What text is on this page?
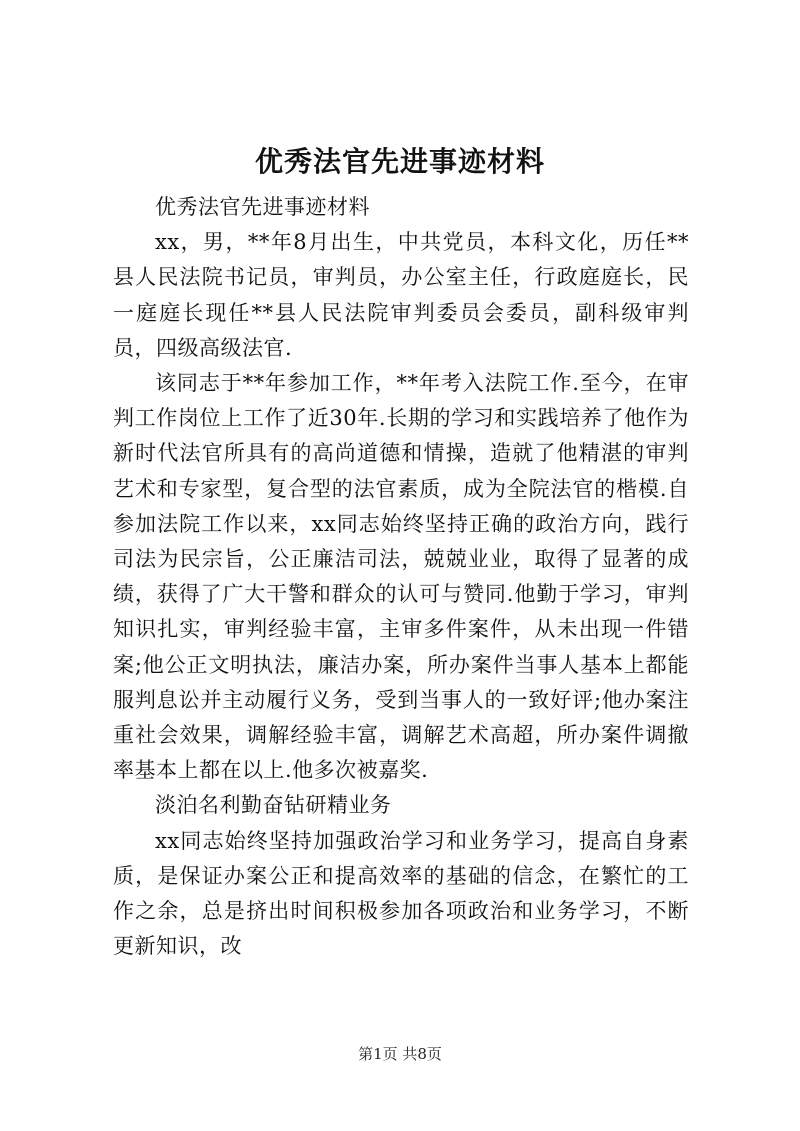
优秀法官先进事迹材料

优秀法官先进事迹材料

xx，男，**年8月出生，中共党员，本科文化，历任**县人民法院书记员，审判员，办公室主任，行政庭庭长，民一庭庭长现任**县人民法院审判委员会委员，副科级审判员，四级高级法官.

该同志于**年参加工作，**年考入法院工作.至今，在审判工作岗位上工作了近30年.长期的学习和实践培养了他作为新时代法官所具有的高尚道德和情操，造就了他精湛的审判艺术和专家型，复合型的法官素质，成为全院法官的楷模.自参加法院工作以来，xx同志始终坚持正确的政治方向，践行司法为民宗旨，公正廉洁司法，兢兢业业，取得了显著的成绩，获得了广大干警和群众的认可与赞同.他勤于学习，审判知识扎实，审判经验丰富，主审多件案件，从未出现一件错案;他公正文明执法，廉洁办案，所办案件当事人基本上都能服判息讼并主动履行义务，受到当事人的一致好评;他办案注重社会效果，调解经验丰富，调解艺术高超，所办案件调撤率基本上都在以上.他多次被嘉奖.

淡泊名利勤奋钻研精业务

xx同志始终坚持加强政治学习和业务学习，提高自身素质，是保证办案公正和提高效率的基础的信念，在繁忙的工作之余，总是挤出时间积极参加各项政治和业务学习，不断更新知识，改

第1页 共8页
